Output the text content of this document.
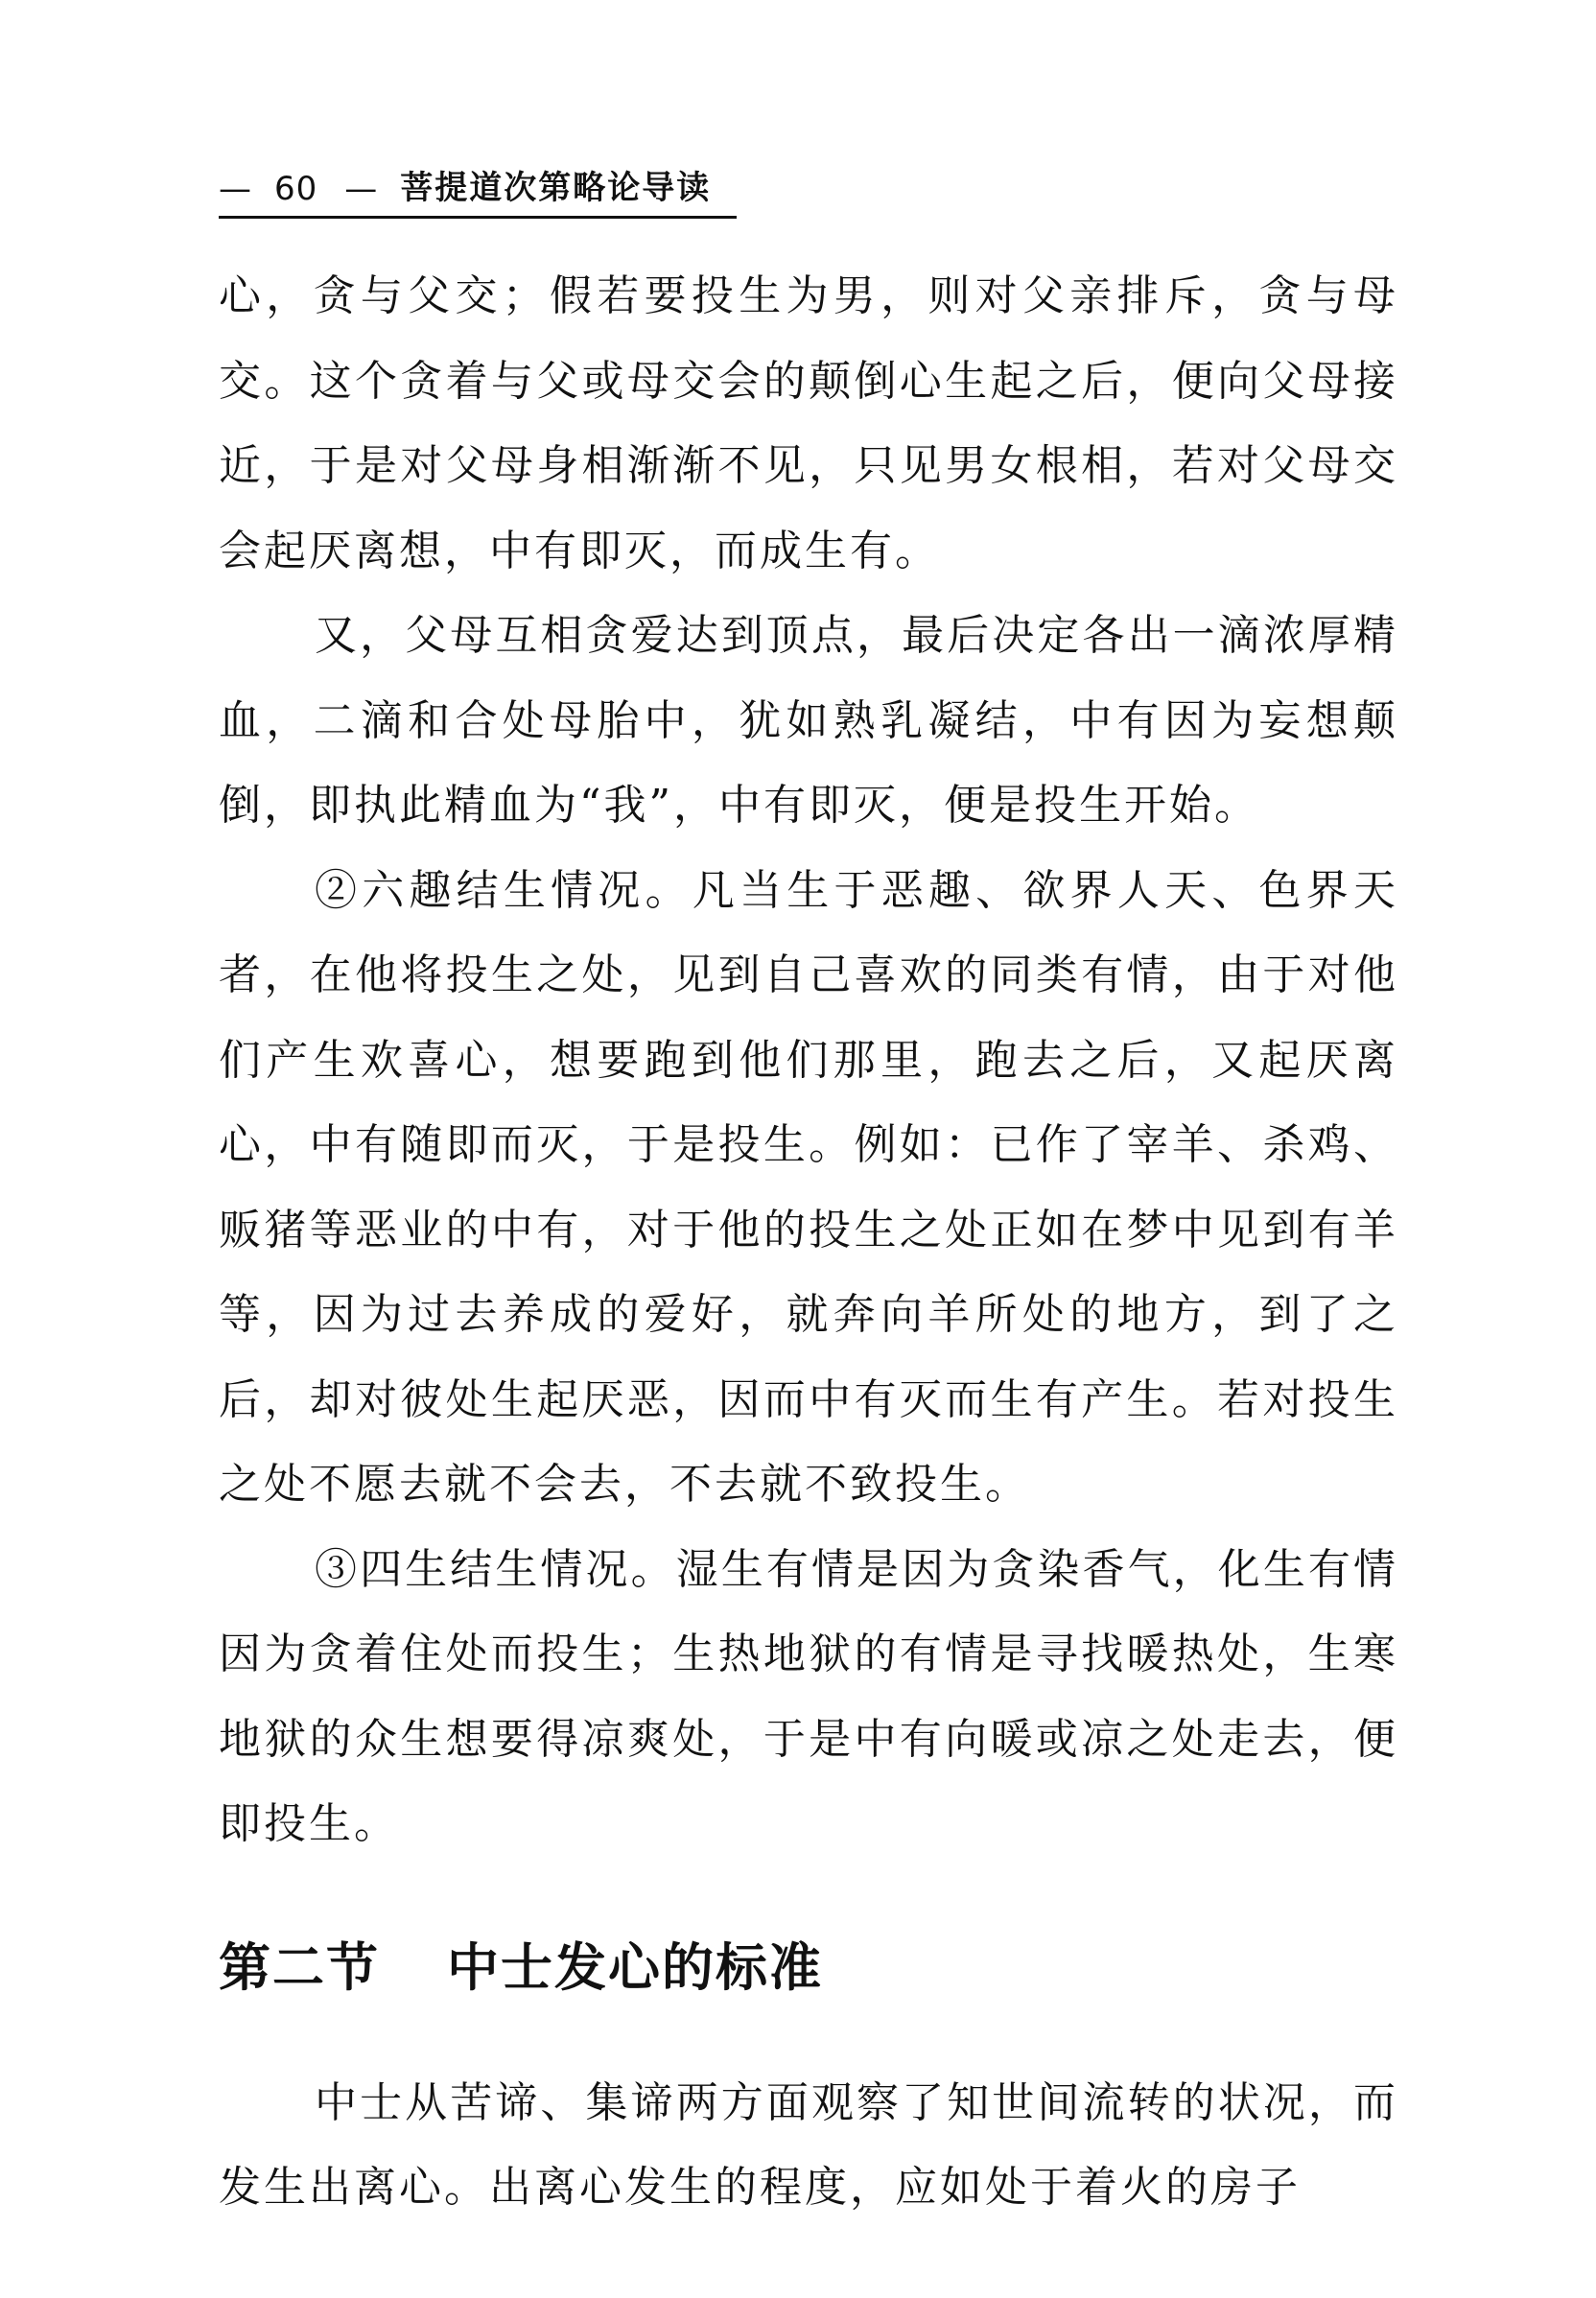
— 60 — 菩提道次第略论导读

心，贪与父交；假若要投生为男，则对父亲排斥，贪与母交。这个贪着与父或母交会的颠倒心生起之后，便向父母接近，于是对父母身相渐渐不见，只见男女根相，若对父母交会起厌离想，中有即灭，而成生有。

又，父母互相贪爱达到顶点，最后决定各出一滴浓厚精血，二滴和合处母胎中，犹如熟乳凝结，中有因为妄想颠倒，即执此精血为“我”，中有即灭，便是投生开始。

②六趣结生情况。凡当生于恶趣、欲界人天、色界天者，在他将投生之处，见到自己喜欢的同类有情，由于对他们产生欢喜心，想要跑到他们那里，跑去之后，又起厌离心，中有随即而灭，于是投生。例如：已作了宰羊、杀鸡、贩猪等恶业的中有，对于他的投生之处正如在梦中见到有羊等，因为过去养成的爱好，就奔向羊所处的地方，到了之后，却对彼处生起厌恶，因而中有灭而生有产生。若对投生之处不愿去就不会去，不去就不致投生。

③四生结生情况。湿生有情是因为贪染香气，化生有情因为贪着住处而投生；生热地狱的有情是寻找暖热处，生寒地狱的众生想要得凉爽处，于是中有向暖或凉之处走去，便即投生。

第二节 中士发心的标准

中士从苦谛、集谛两方面观察了知世间流转的状况，而发生出离心。出离心发生的程度，应如处于着火的房子
